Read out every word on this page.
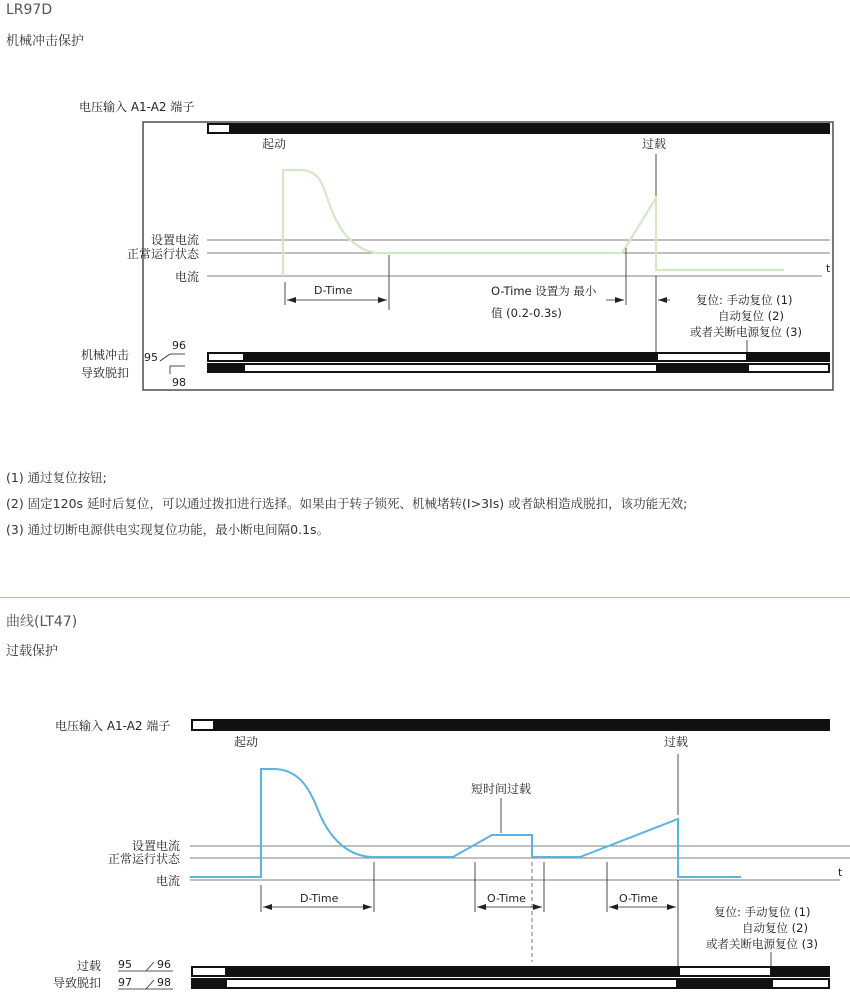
LR97D
机械冲击保护
电压输入 A1-A2 端子
起动	过载
t
设置电流
正常运行状态
电流
D-Time	O-Time 设置为 最小
值 (0.2-0.3s)
复位: 手动复位 (1)
自动复位 (2)
或者关断电源复位 (3)
机械冲击
导致脱扣
95
96
98
电压输入 A1-A2 端子
起动
短时间过载
过载
t
设置电流
正常运行状态
电流
D-Time	O-Time	O-Time
复位: 手动复位 (1)
自动复位 (2)
或者关断电源复位 (3)
过载
导致脱扣
95 96
97 98
(1) 通过复位按钮;
(2) 固定120s 延时后复位，可以通过拨扣进行选择。如果由于转子锁死、机械堵转(I>3Is) 或者缺相造成脱扣，该功能无效;
(3) 通过切断电源供电实现复位功能，最小断电间隔0.1s。
曲线(LT47)
过载保护
